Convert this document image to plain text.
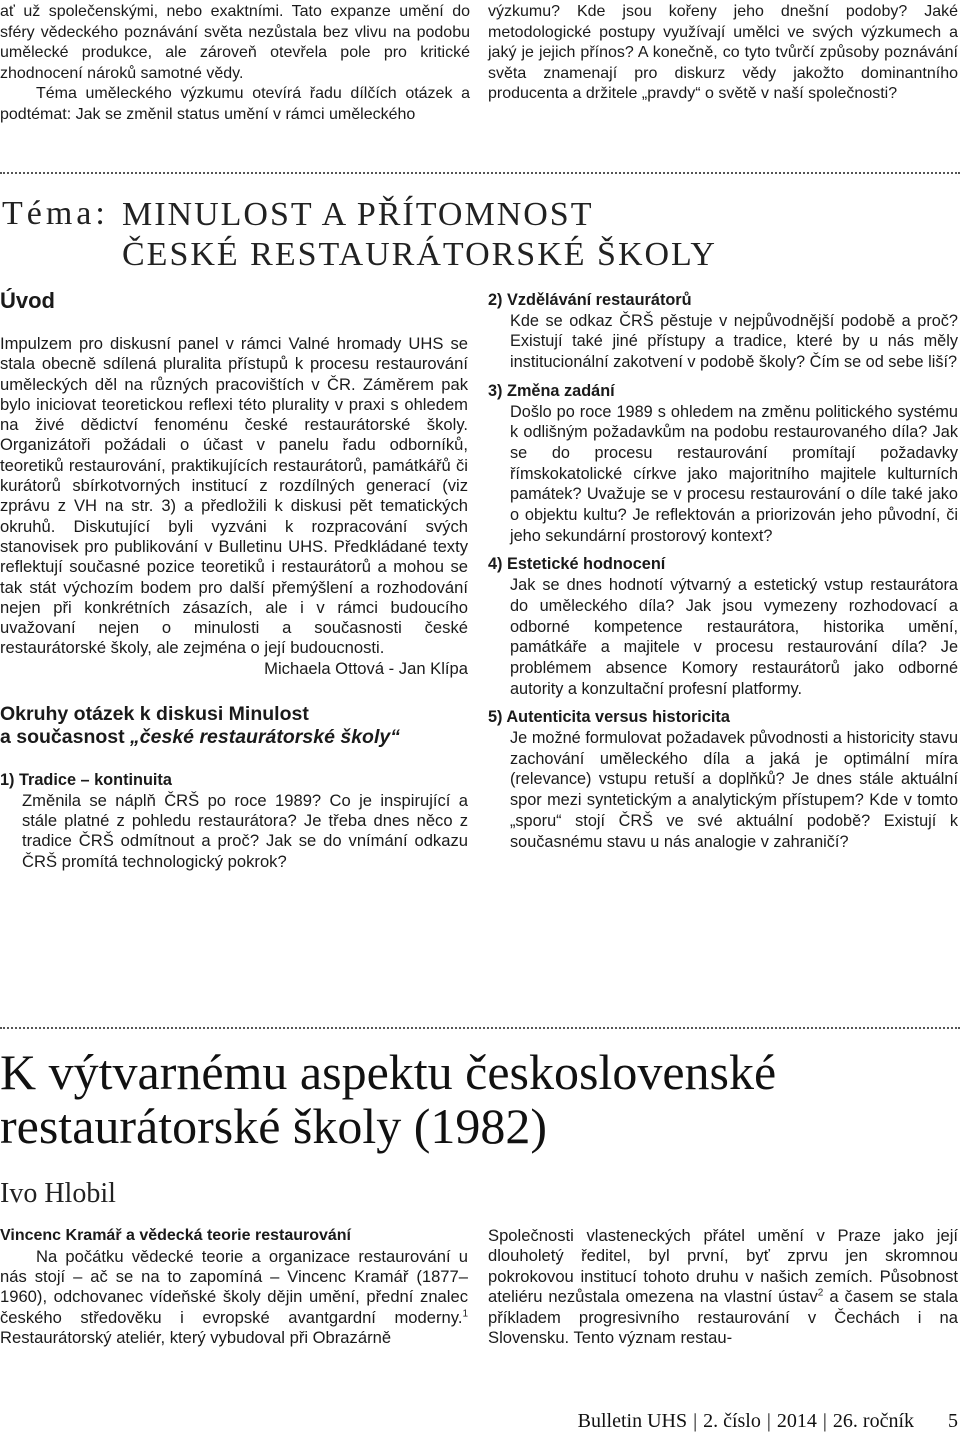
ať už společenskými, nebo exaktními. Tato expanze umění do sféry vědeckého poznávání světa nezůstala bez vlivu na podobu umělecké produkce, ale zároveň otevřela pole pro kritické zhodnocení nároků samotné vědy.

Téma uměleckého výzkumu otevírá řadu dílčích otázek a podtémat: Jak se změnil status umění v rámci uměleckého

výzkumu? Kde jsou kořeny jeho dnešní podoby? Jaké metodologické postupy využívají umělci ve svých výzkumech a jaký je jejich přínos? A konečně, co tyto tvůrčí způsoby poznávání světa znamenají pro diskurz vědy jakožto dominantního producenta a držitele „pravdy“ o světě v naší společnosti?

Téma: MINULOST A PŘÍTOMNOST
ČESKÉ RESTAURÁTORSKÉ ŠKOLY
Úvod

Impulzem pro diskusní panel v rámci Valné hromady UHS se stala obecně sdílená pluralita přístupů k procesu restaurování uměleckých děl na různých pracovištích v ČR. Záměrem pak bylo iniciovat teoretickou reflexi této plurality v praxi s ohledem na živé dědictví fenoménu české restaurátorské školy. Organizátoři požádali o účast v panelu řadu odborníků, teoretiků restaurování, praktikujících restaurátorů, památkářů či kurátorů sbírkotvorných institucí z rozdílných generací (viz zprávu z VH na str. 3) a předložili k diskusi pět tematických okruhů. Diskutující byli vyzváni k rozpracování svých stanovisek pro publikování v Bulletinu UHS. Předkládané texty reflektují současné pozice teoretiků i restaurátorů a mohou se tak stát výchozím bodem pro další přemýšlení a rozhodování nejen při konkrétních zásazích, ale i v rámci budoucího uvažovaní nejen o minulosti a současnosti české restaurátorské školy, ale zejména o její budoucnosti.

Michaela Ottová - Jan Klípa
Okruhy otázek k diskusi Minulost
a současnost „české restaurátorské školy“
1) Tradice – kontinuita

Změnila se náplň ČRŠ po roce 1989? Co je inspirující a stále platné z pohledu restaurátora? Je třeba dnes něco z tradice ČRŠ odmítnout a proč? Jak se do vnímání odkazu ČRŠ promítá technologický pokrok?

2) Vzdělávání restaurátorů

Kde se odkaz ČRŠ pěstuje v nejpůvodnější podobě a proč? Existují také jiné přístupy a tradice, které by u nás měly institucionální zakotvení v podobě školy? Čím se od sebe liší?

3) Změna zadání

Došlo po roce 1989 s ohledem na změnu politického systému k odlišným požadavkům na podobu restaurovaného díla? Jak se do procesu restaurování promítají požadavky římskokatolické církve jako majoritního majitele kulturních památek? Uvažuje se v procesu restaurování o díle také jako o objektu kultu? Je reflektován a priorizován jeho původní, či jeho sekundární prostorový kontext?

4) Estetické hodnocení

Jak se dnes hodnotí výtvarný a estetický vstup restaurátora do uměleckého díla? Jak jsou vymezeny rozhodovací a odborné kompetence restaurátora, historika umění, památkáře a majitele v procesu restaurování díla? Je problémem absence Komory restaurátorů jako odborné autority a konzultační profesní platformy.

5) Autenticita versus historicita

Je možné formulovat požadavek původnosti a historicity stavu zachování uměleckého díla a jaká je optimální míra (relevance) vstupu retuší a doplňků? Je dnes stále aktuální spor mezi syntetickým a analytickým přístupem? Kde v tomto „sporu“ stojí ČRŠ ve své aktuální podobě? Existují k současnému stavu u nás analogie v zahraničí?

K výtvarnému aspektu československé
restaurátorské školy (1982)
Ivo Hlobil
Vincenc Kramář a vědecká teorie restaurování

Na počátku vědecké teorie a organizace restaurování u nás stojí – ač se na to zapomíná – Vincenc Kramář (1877–1960), odchovanec vídeňské školy dějin umění, přední znalec českého středověku i evropské avantgardní moderny.$^1$ Restaurátorský ateliér, který vybudoval při Obrazárně

Společnosti vlasteneckých přátel umění v Praze jako její dlouholetý ředitel, byl první, byť zprvu jen skromnou pokrokovou institucí tohoto druhu v našich zemích. Působnost ateliéru nezůstala omezena na vlastní ústav$^2$ a časem se stala příkladem progresivního restaurování v Čechách i na Slovensku. Tento význam restau-

Bulletin UHS | 2. číslo | 2014 | 26. ročník 5
